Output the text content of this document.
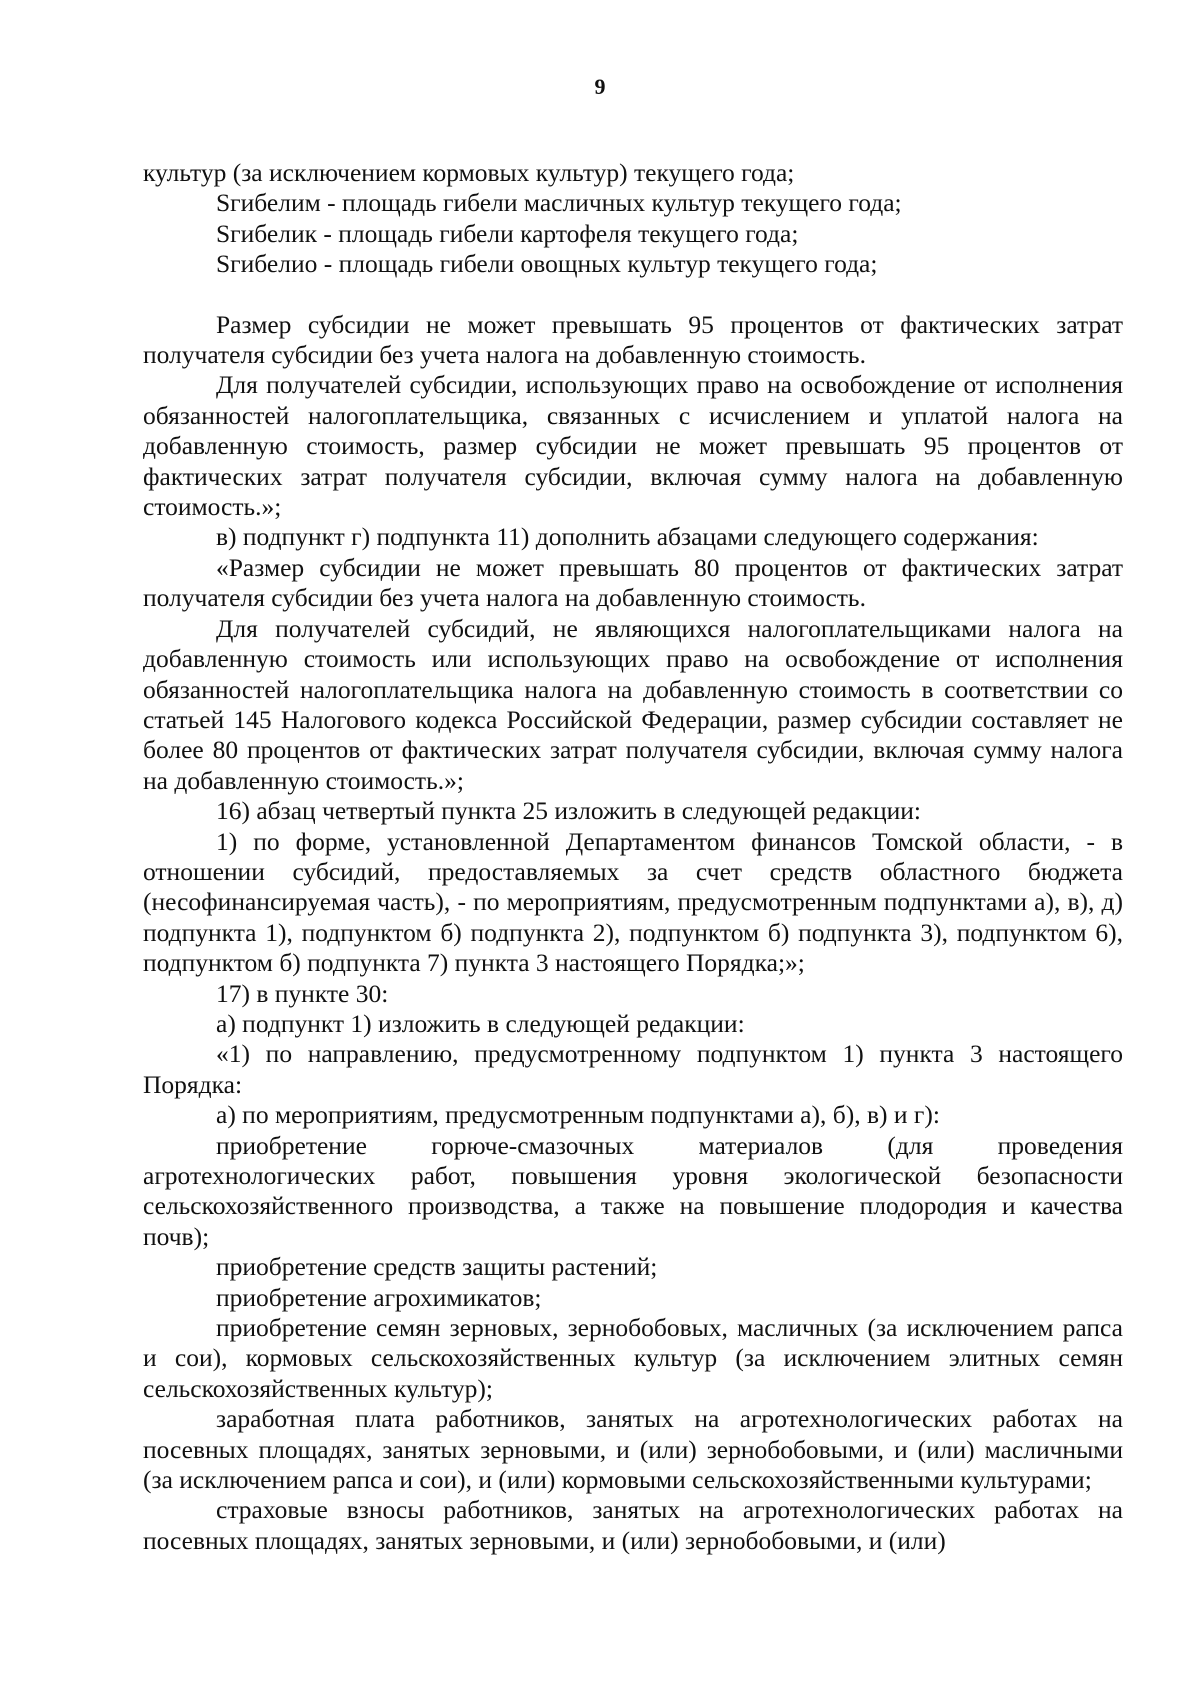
9

культур (за исключением кормовых культур) текущего года;

Sгибелим - площадь гибели масличных культур текущего года;

Sгибелик - площадь гибели картофеля текущего года;

Sгибелио - площадь гибели овощных культур текущего года;

Размер субсидии не может превышать 95 процентов от фактических затрат получателя субсидии без учета налога на добавленную стоимость.

Для получателей субсидии, использующих право на освобождение от исполнения обязанностей налогоплательщика, связанных с исчислением и уплатой налога на добавленную стоимость, размер субсидии не может превышать 95 процентов от фактических затрат получателя субсидии, включая сумму налога на добавленную стоимость.»;

в) подпункт г) подпункта 11) дополнить абзацами следующего содержания:

«Размер субсидии не может превышать 80 процентов от фактических затрат получателя субсидии без учета налога на добавленную стоимость.

Для получателей субсидий, не являющихся налогоплательщиками налога на добавленную стоимость или использующих право на освобождение от исполнения обязанностей налогоплательщика налога на добавленную стоимость в соответствии со статьей 145 Налогового кодекса Российской Федерации, размер субсидии составляет не более 80 процентов от фактических затрат получателя субсидии, включая сумму налога на добавленную стоимость.»;

16) абзац четвертый пункта 25 изложить в следующей редакции:

1) по форме, установленной Департаментом финансов Томской области, - в отношении субсидий, предоставляемых за счет средств областного бюджета (несофинансируемая часть), - по мероприятиям, предусмотренным подпунктами а), в), д) подпункта 1), подпунктом б) подпункта 2), подпунктом б) подпункта 3), подпунктом 6), подпунктом б) подпункта 7) пункта 3 настоящего Порядка;»;

17) в пункте 30:

а) подпункт 1) изложить в следующей редакции:

«1) по направлению, предусмотренному подпунктом 1) пункта 3 настоящего Порядка:

а) по мероприятиям, предусмотренным подпунктами а), б), в) и г):

приобретение горюче-смазочных материалов (для проведения агротехнологических работ, повышения уровня экологической безопасности сельскохозяйственного производства, а также на повышение плодородия и качества почв);

приобретение средств защиты растений;

приобретение агрохимикатов;

приобретение семян зерновых, зернобобовых, масличных (за исключением рапса и сои), кормовых сельскохозяйственных культур (за исключением элитных семян сельскохозяйственных культур);

заработная плата работников, занятых на агротехнологических работах на посевных площадях, занятых зерновыми, и (или) зернобобовыми, и (или) масличными (за исключением рапса и сои), и (или) кормовыми сельскохозяйственными культурами;

страховые взносы работников, занятых на агротехнологических работах на посевных площадях, занятых зерновыми, и (или) зернобобовыми, и (или)
